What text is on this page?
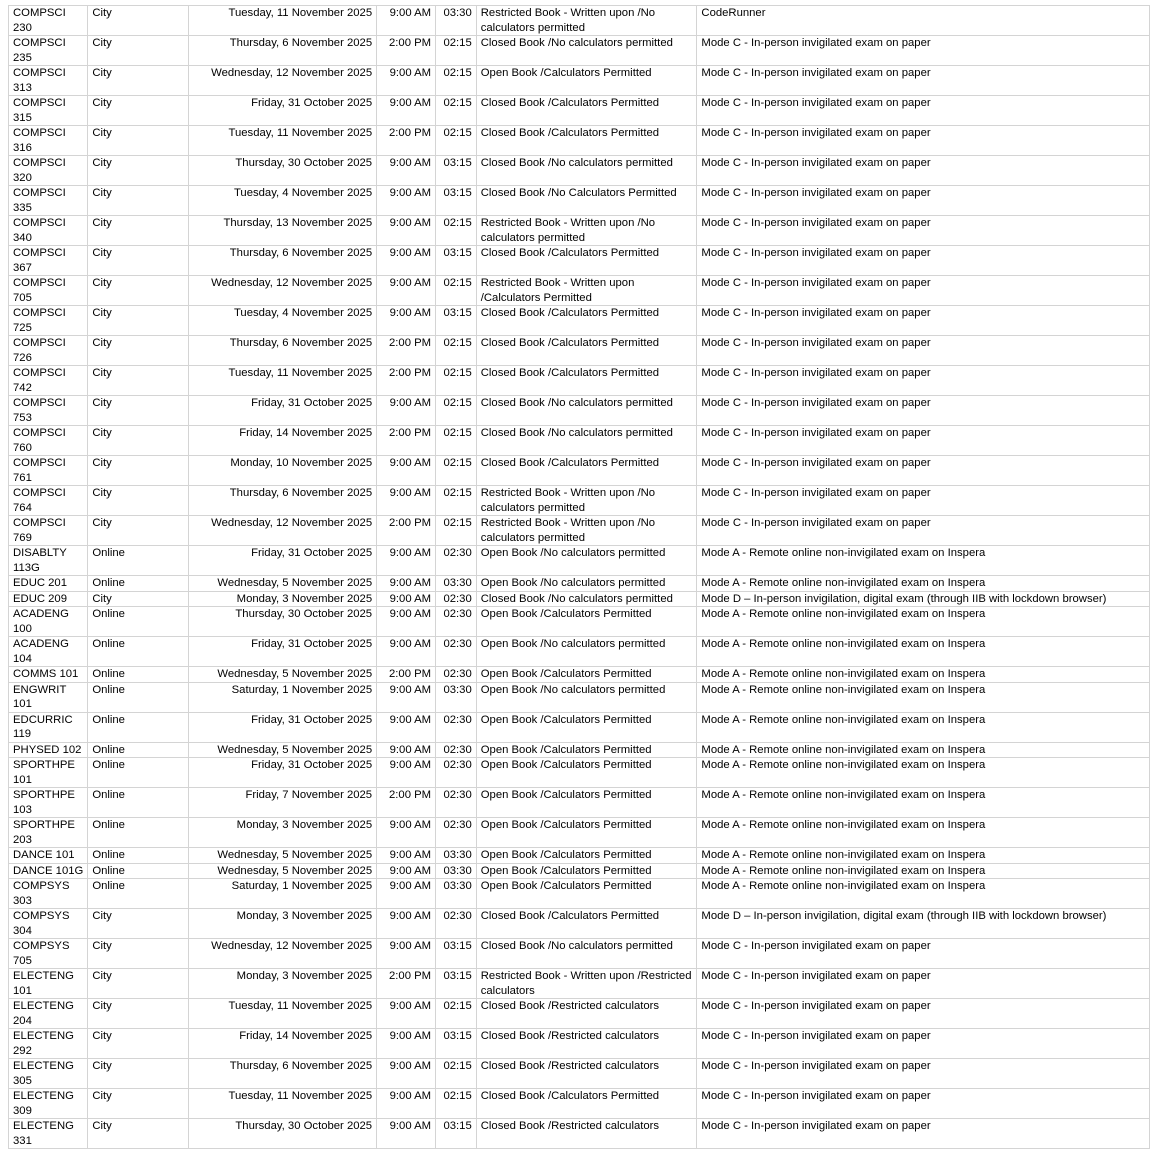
COMPSCI 230	City	Tuesday, 11 November 2025	9:00 AM	03:30	Restricted Book - Written upon /No calculators permitted	CodeRunner
COMPSCI 235	City	Thursday, 6 November 2025	2:00 PM	02:15	Closed Book /No calculators permitted	Mode C - In-person invigilated exam on paper
COMPSCI 313	City	Wednesday, 12 November 2025	9:00 AM	02:15	Open Book /Calculators Permitted	Mode C - In-person invigilated exam on paper
COMPSCI 315	City	Friday, 31 October 2025	9:00 AM	02:15	Closed Book /Calculators Permitted	Mode C - In-person invigilated exam on paper
COMPSCI 316	City	Tuesday, 11 November 2025	2:00 PM	02:15	Closed Book /Calculators Permitted	Mode C - In-person invigilated exam on paper
COMPSCI 320	City	Thursday, 30 October 2025	9:00 AM	03:15	Closed Book /No calculators permitted	Mode C - In-person invigilated exam on paper
COMPSCI 335	City	Tuesday, 4 November 2025	9:00 AM	03:15	Closed Book /No Calculators Permitted	Mode C - In-person invigilated exam on paper
COMPSCI 340	City	Thursday, 13 November 2025	9:00 AM	02:15	Restricted Book - Written upon /No calculators permitted	Mode C - In-person invigilated exam on paper
COMPSCI 367	City	Thursday, 6 November 2025	9:00 AM	03:15	Closed Book /Calculators Permitted	Mode C - In-person invigilated exam on paper
COMPSCI 705	City	Wednesday, 12 November 2025	9:00 AM	02:15	Restricted Book - Written upon /Calculators Permitted	Mode C - In-person invigilated exam on paper
COMPSCI 725	City	Tuesday, 4 November 2025	9:00 AM	03:15	Closed Book /Calculators Permitted	Mode C - In-person invigilated exam on paper
COMPSCI 726	City	Thursday, 6 November 2025	2:00 PM	02:15	Closed Book /Calculators Permitted	Mode C - In-person invigilated exam on paper
COMPSCI 742	City	Tuesday, 11 November 2025	2:00 PM	02:15	Closed Book /Calculators Permitted	Mode C - In-person invigilated exam on paper
COMPSCI 753	City	Friday, 31 October 2025	9:00 AM	02:15	Closed Book /No calculators permitted	Mode C - In-person invigilated exam on paper
COMPSCI 760	City	Friday, 14 November 2025	2:00 PM	02:15	Closed Book /No calculators permitted	Mode C - In-person invigilated exam on paper
COMPSCI 761	City	Monday, 10 November 2025	9:00 AM	02:15	Closed Book /Calculators Permitted	Mode C - In-person invigilated exam on paper
COMPSCI 764	City	Thursday, 6 November 2025	9:00 AM	02:15	Restricted Book - Written upon /No calculators permitted	Mode C - In-person invigilated exam on paper
COMPSCI 769	City	Wednesday, 12 November 2025	2:00 PM	02:15	Restricted Book - Written upon /No calculators permitted	Mode C - In-person invigilated exam on paper
DISABLTY 113G	Online	Friday, 31 October 2025	9:00 AM	02:30	Open Book /No calculators permitted	Mode A - Remote online non-invigilated exam on Inspera
EDUC 201	Online	Wednesday, 5 November 2025	9:00 AM	03:30	Open Book /No calculators permitted	Mode A - Remote online non-invigilated exam on Inspera
EDUC 209	City	Monday, 3 November 2025	9:00 AM	02:30	Closed Book /No calculators permitted	Mode D – In-person invigilation, digital exam (through IIB with lockdown browser)
ACADENG 100	Online	Thursday, 30 October 2025	9:00 AM	02:30	Open Book /Calculators Permitted	Mode A - Remote online non-invigilated exam on Inspera
ACADENG 104	Online	Friday, 31 October 2025	9:00 AM	02:30	Open Book /No calculators permitted	Mode A - Remote online non-invigilated exam on Inspera
COMMS 101	Online	Wednesday, 5 November 2025	2:00 PM	02:30	Open Book /Calculators Permitted	Mode A - Remote online non-invigilated exam on Inspera
ENGWRIT 101	Online	Saturday, 1 November 2025	9:00 AM	03:30	Open Book /No calculators permitted	Mode A - Remote online non-invigilated exam on Inspera
EDCURRIC 119	Online	Friday, 31 October 2025	9:00 AM	02:30	Open Book /Calculators Permitted	Mode A - Remote online non-invigilated exam on Inspera
PHYSED 102	Online	Wednesday, 5 November 2025	9:00 AM	02:30	Open Book /Calculators Permitted	Mode A - Remote online non-invigilated exam on Inspera
SPORTHPE 101	Online	Friday, 31 October 2025	9:00 AM	02:30	Open Book /Calculators Permitted	Mode A - Remote online non-invigilated exam on Inspera
SPORTHPE 103	Online	Friday, 7 November 2025	2:00 PM	02:30	Open Book /Calculators Permitted	Mode A - Remote online non-invigilated exam on Inspera
SPORTHPE 203	Online	Monday, 3 November 2025	9:00 AM	02:30	Open Book /Calculators Permitted	Mode A - Remote online non-invigilated exam on Inspera
DANCE 101	Online	Wednesday, 5 November 2025	9:00 AM	03:30	Open Book /Calculators Permitted	Mode A - Remote online non-invigilated exam on Inspera
DANCE 101G	Online	Wednesday, 5 November 2025	9:00 AM	03:30	Open Book /Calculators Permitted	Mode A - Remote online non-invigilated exam on Inspera
COMPSYS 303	Online	Saturday, 1 November 2025	9:00 AM	03:30	Open Book /Calculators Permitted	Mode A - Remote online non-invigilated exam on Inspera
COMPSYS 304	City	Monday, 3 November 2025	9:00 AM	02:30	Closed Book /Calculators Permitted	Mode D – In-person invigilation, digital exam (through IIB with lockdown browser)
COMPSYS 705	City	Wednesday, 12 November 2025	9:00 AM	03:15	Closed Book /No calculators permitted	Mode C - In-person invigilated exam on paper
ELECTENG 101	City	Monday, 3 November 2025	2:00 PM	03:15	Restricted Book - Written upon /Restricted calculators	Mode C - In-person invigilated exam on paper
ELECTENG 204	City	Tuesday, 11 November 2025	9:00 AM	02:15	Closed Book /Restricted calculators	Mode C - In-person invigilated exam on paper
ELECTENG 292	City	Friday, 14 November 2025	9:00 AM	03:15	Closed Book /Restricted calculators	Mode C - In-person invigilated exam on paper
ELECTENG 305	City	Thursday, 6 November 2025	9:00 AM	02:15	Closed Book /Restricted calculators	Mode C - In-person invigilated exam on paper
ELECTENG 309	City	Tuesday, 11 November 2025	9:00 AM	02:15	Closed Book /Calculators Permitted	Mode C - In-person invigilated exam on paper
ELECTENG 331	City	Thursday, 30 October 2025	9:00 AM	03:15	Closed Book /Restricted calculators	Mode C - In-person invigilated exam on paper
